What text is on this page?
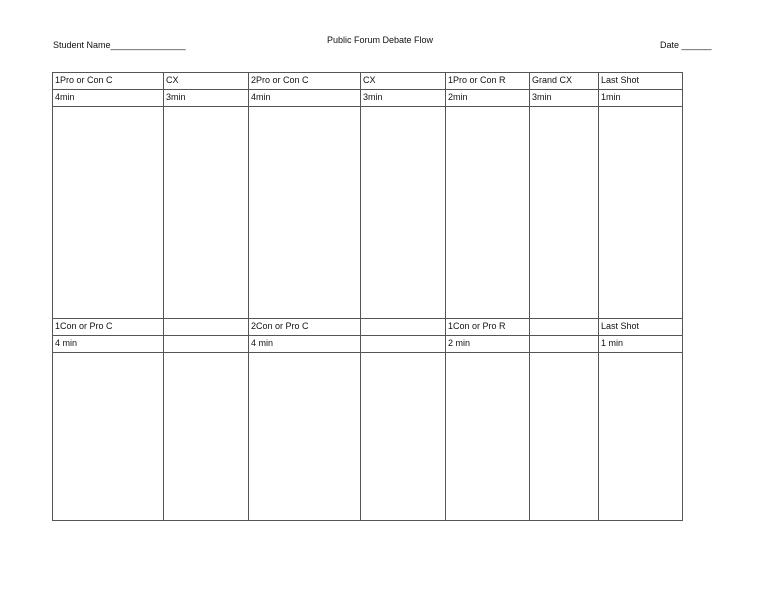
Student Name_______________	Public Forum Debate Flow	Date ______
1Pro or Con C	CX	2Pro or Con C	CX	1Pro or Con R	Grand CX	Last Shot
4min	3min	4min	3min	2min	3min	1min

1Con or Pro C		2Con or Pro C		1Con or Pro R		Last Shot
4 min		4 min		2 min		1 min
